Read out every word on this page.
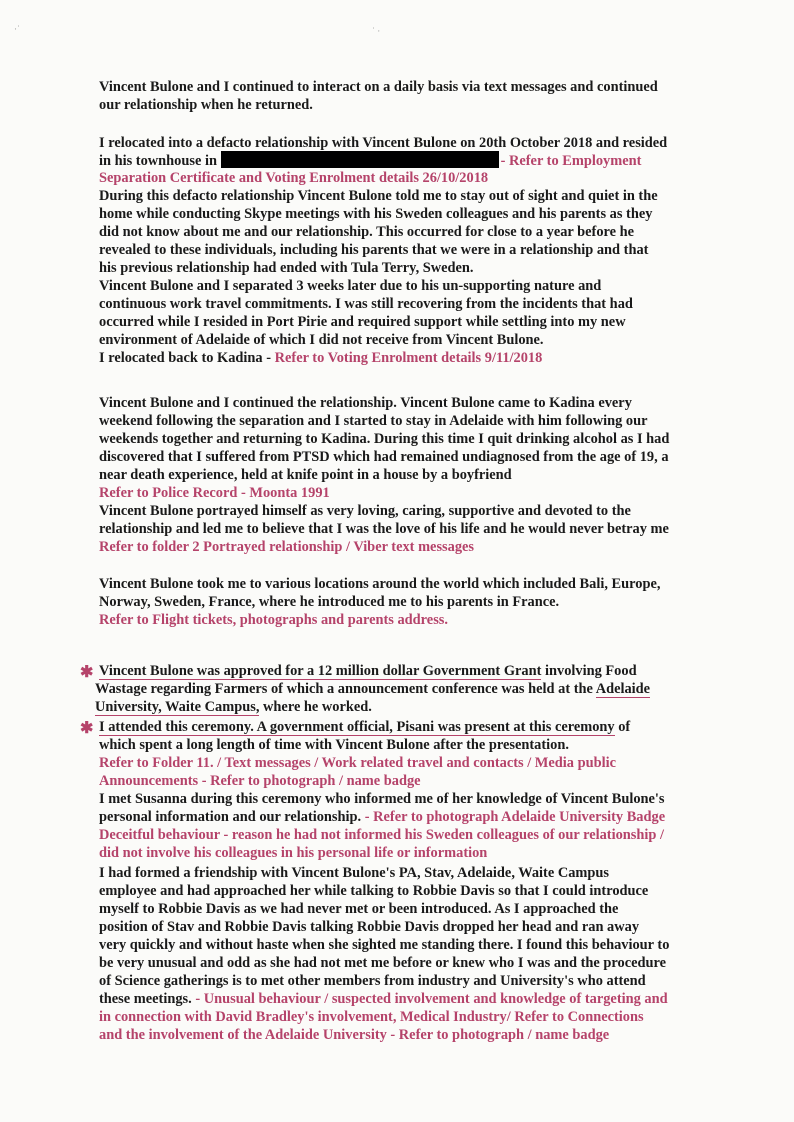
·˙	˙ ·
Vincent Bulone and I continued to interact on a daily basis via text messages and continued
our relationship when he returned.
I relocated into a defacto relationship with Vincent Bulone on 20th October 2018 and resided
in his townhouse in	- Refer to Employment
Separation Certificate and Voting Enrolment details 26/10/2018
During this defacto relationship Vincent Bulone told me to stay out of sight and quiet in the
home while conducting Skype meetings with his Sweden colleagues and his parents as they
did not know about me and our relationship. This occurred for close to a year before he
revealed to these individuals, including his parents that we were in a relationship and that
his previous relationship had ended with Tula Terry, Sweden.
Vincent Bulone and I separated 3 weeks later due to his un-supporting nature and
continuous work travel commitments. I was still recovering from the incidents that had
occurred while I resided in Port Pirie and required support while settling into my new
environment of Adelaide of which I did not receive from Vincent Bulone.
I relocated back to Kadina - Refer to Voting Enrolment details 9/11/2018
Vincent Bulone and I continued the relationship. Vincent Bulone came to Kadina every
weekend following the separation and I started to stay in Adelaide with him following our
weekends together and returning to Kadina. During this time I quit drinking alcohol as I had
discovered that I suffered from PTSD which had remained undiagnosed from the age of 19, a
near death experience, held at knife point in a house by a boyfriend
Refer to Police Record - Moonta 1991
Vincent Bulone portrayed himself as very loving, caring, supportive and devoted to the
relationship and led me to believe that I was the love of his life and he would never betray me
Refer to folder 2 Portrayed relationship / Viber text messages
Vincent Bulone took me to various locations around the world which included Bali, Europe,
Norway, Sweden, France, where he introduced me to his parents in France.
Refer to Flight tickets, photographs and parents address.
✱ Vincent Bulone was approved for a 12 million dollar Government Grant involving Food
Wastage regarding Farmers of which a announcement conference was held at the Adelaide
University, Waite Campus, where he worked.
✱ I attended this ceremony. A government official, Pisani was present at this ceremony of
which spent a long length of time with Vincent Bulone after the presentation.
Refer to Folder 11. / Text messages / Work related travel and contacts / Media public
Announcements - Refer to photograph / name badge
I met Susanna during this ceremony who informed me of her knowledge of Vincent Bulone's
personal information and our relationship. - Refer to photograph Adelaide University Badge
Deceitful behaviour - reason he had not informed his Sweden colleagues of our relationship /
did not involve his colleagues in his personal life or information
I had formed a friendship with Vincent Bulone's PA, Stav, Adelaide, Waite Campus
employee and had approached her while talking to Robbie Davis so that I could introduce
myself to Robbie Davis as we had never met or been introduced. As I approached the
position of Stav and Robbie Davis talking Robbie Davis dropped her head and ran away
very quickly and without haste when she sighted me standing there. I found this behaviour to
be very unusual and odd as she had not met me before or knew who I was and the procedure
of Science gatherings is to met other members from industry and University's who attend
these meetings. - Unusual behaviour / suspected involvement and knowledge of targeting and
in connection with David Bradley's involvement, Medical Industry/ Refer to Connections
and the involvement of the Adelaide University - Refer to photograph / name badge
